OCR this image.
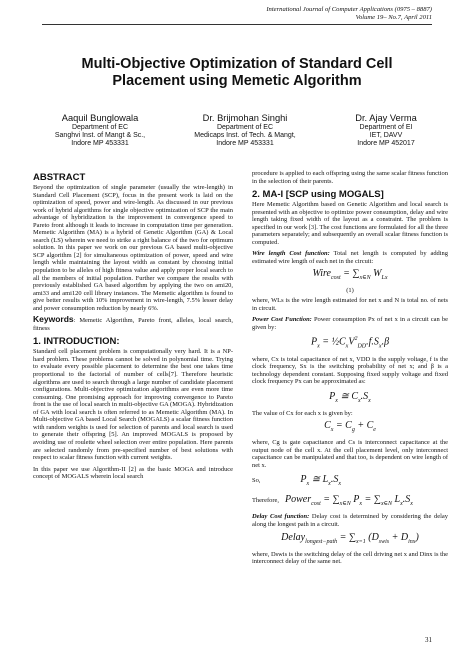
International Journal of Computer Applications (0975 – 8887)
Volume 19– No.7, April 2011
Multi-Objective Optimization of Standard Cell
Placement using Memetic Algorithm
Aaquil Bunglowala
Department of EC
Sanghvi Inst. of Mangt & Sc.,
Indore MP 453331
Dr. Brijmohan Singhi
Department of EC
Medicaps Inst. of Tech. & Mangt,
Indore MP 453331
Dr. Ajay Verma
Department of EI
IET, DAVV
Indore MP 452017
ABSTRACT

Beyond the optimization of single parameter (usually the wire-length) in Standard Cell Placement (SCP), focus in the present work is laid on the optimization of speed, power and wire-length. As discussed in our previous work of hybrid algorithms for single objective optimization of SCP the main advantage of hybridization is the improvement in convergence speed to Pareto front although it leads to increase in computation time per generation. Memetic Algorithm (MA) is a hybrid of Genetic Algorithm (GA) & Local search (LS) wherein we need to strike a right balance of the two for optimum solution. In this paper we work on our previous GA based multi-objective SCP algorithm [2] for simultaneous optimization of power, speed and wire length while maintaining the layout width as constant by choosing initial population to be alleles of high fitness value and apply proper local search to all the members of initial population. Further we compare the results with previously established GA based algorithm by applying the two on ami20, ami33 and ami120 cell library instances. The Memetic algorithm is found to give better results with 10% improvement in wire-length, 7.5% lesser delay and power consumption reduction by nearly 6%.

Keywords: Memetic Algorithm, Pareto front, alleles, local search, fitness

1. INTRODUCTION:

Standard cell placement problem is computationally very hard. It is a NP-hard problem. These problems cannot be solved in polynomial time. Trying to evaluate every possible placement to determine the best one takes time proportional to the factorial of number of cells[7]. Therefore heuristic algorithms are used to search through a large number of candidate placement configurations. Multi-objective optimization algorithms are even more time consuming. One promising approach for improving convergence to Pareto front is the use of local search in multi-objective GA (MOGA). Hybridization of GA with local search is often referred to as Memetic Algorithm (MA). In Multi-objective GA based Local Search (MOGALS) a scalar fitness function with random weights is used for selection of parents and local search is used to generate their offspring [5]. An improved MOGALS is proposed by avoiding use of roulette wheel selection over entire population. Here parents are selected randomly from pre-specified number of best solutions with respect to scalar fitness function with current weights.

In this paper we use Algorithm-II [2] as the basic MOGA and introduce concept of MOGALS wherein local search

procedure is applied to each offspring using the same scalar fitness function in the selection of their parents.

2. MA-I [SCP using MOGALS]

Here Memetic Algorithm based on Genetic Algorithm and local search is presented with an objective to optimize power consumption, delay and wire length taking fixed width of the layout as a constraint. The problem is specified in our work [3]. The cost functions are formulated for all the three parameters separately; and subsequently an overall scalar fitness function is computed.

Wire length Cost function: Total net length is computed by adding estimated wire length of each net in the circuit:

Wire$_{cost}$ = $\sum_{x\in N}$ $W_{Lx}$
(1)

where, WLs is the wire length estimated for net x and N is total no. of nets in circuit.

Power Cost Function: Power consumption Px of net x in a circuit can be given by:

$P_x$ = $\frac{1}{2}C_xV^2_{DD}.f.S_x.\beta$

where, Cx is total capacitance of net x, VDD is the supply voltage, f is the clock frequency, Sx is the switching probability of net x; and β is a technology dependent constant. Supposing fixed supply voltage and fixed clock frequency Px can be approximated as:

$P_x$ ≅ $C_x.S_x$

The value of Cx for each x is given by:

$C_x = C_g + C_e$

where, Cg is gate capacitance and Cs is interconnect capacitance at the output node of the cell x. At the cell placement level, only interconnect capacitance can be manipulated and that too, is dependent on wire length of net x.

So,	$P_x$ ≅ $L_x.S_x$
Therefore, Power$_{cost}$ = $\sum_{x\in N}$ $P_x = \sum_{x\in N}$ $L_x.S_x$

Delay Cost function: Delay cost is determined by considering the delay along the longest path in a circuit.

Delay$_{longest-path}$ = $\sum_{x=1}$ $(D_{swis} + D_{inx})$

where, Dswis is the switching delay of the cell driving net x and Dinx is the interconnect delay of the same net.

31
